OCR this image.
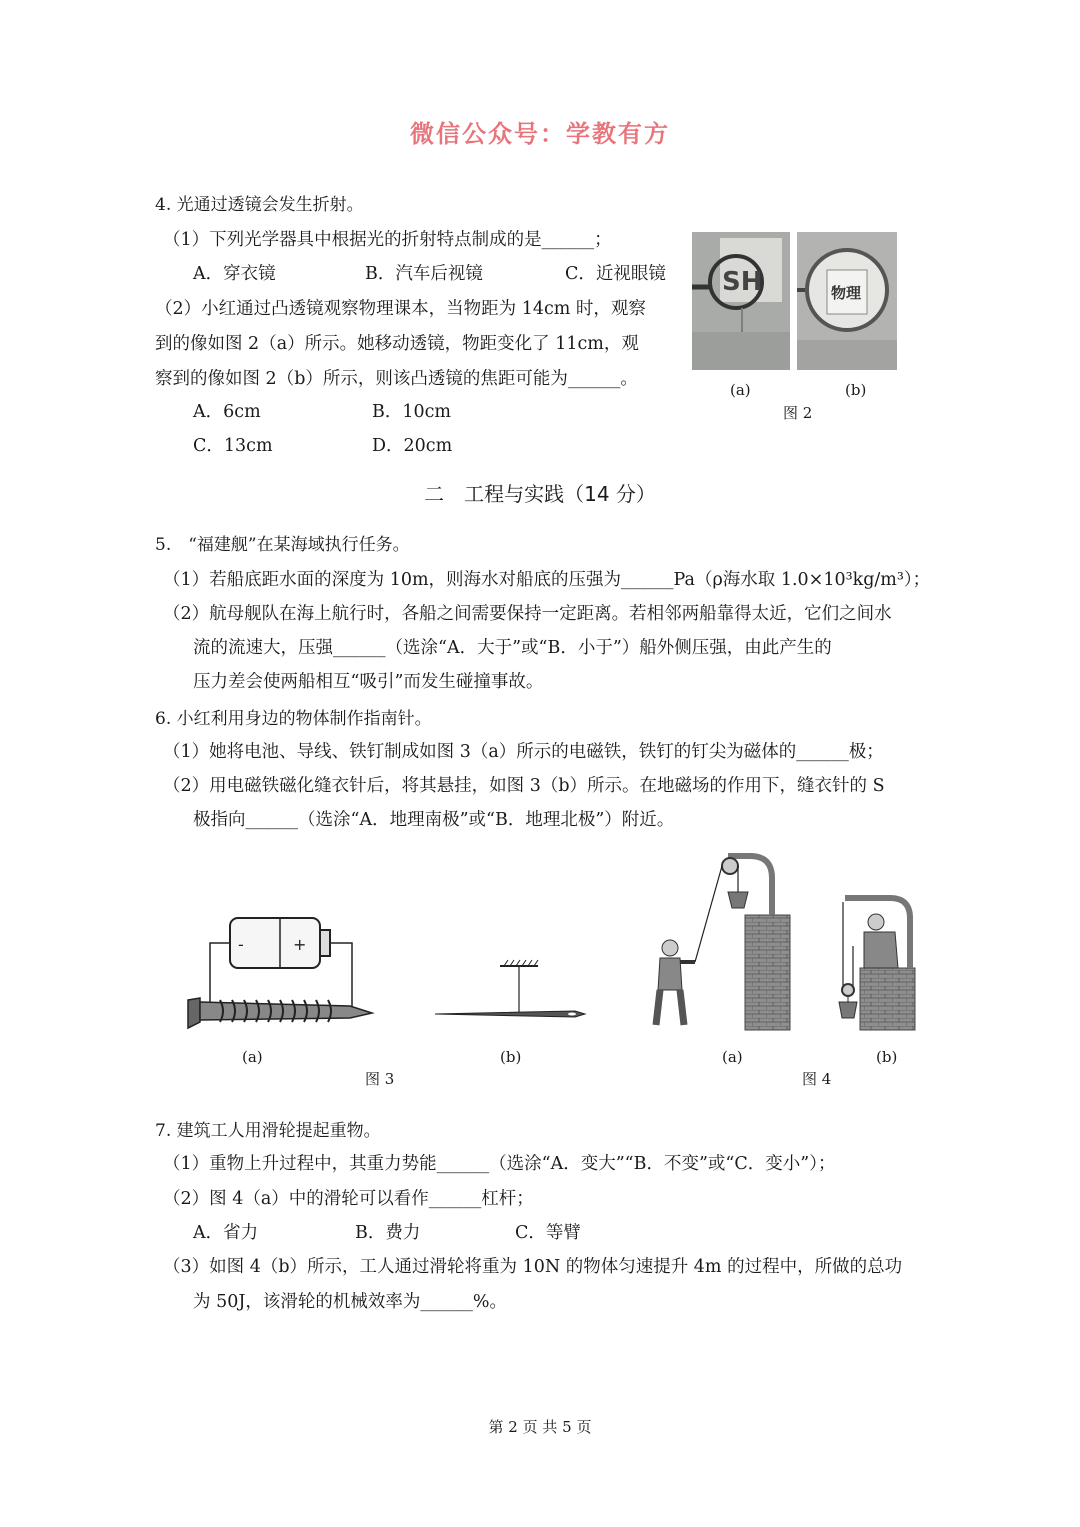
微信公众号：学教有方
4. 光通过透镜会发生折射。
（1）下列光学器具中根据光的折射特点制成的是______；
A．穿衣镜	B．汽车后视镜	C．近视眼镜
（2）小红通过凸透镜观察物理课本，当物距为 14cm 时，观察
到的像如图 2（a）所示。她移动透镜，物距变化了 11cm，观
察到的像如图 2（b）所示，则该凸透镜的焦距可能为______。
A．6cm	B．10cm
C．13cm	D．20cm
SH	物理
(a)	(b)
图 2
二　工程与实践（14 分）
5.　“福建舰”在某海域执行任务。
（1）若船底距水面的深度为 10m，则海水对船底的压强为______Pa（ρ海水取 1.0×10³kg/m³）；
（2）航母舰队在海上航行时，各船之间需要保持一定距离。若相邻两船靠得太近，它们之间水
流的流速大，压强______（选涂“A．大于”或“B．小于”）船外侧压强，由此产生的
压力差会使两船相互“吸引”而发生碰撞事故。
6. 小红利用身边的物体制作指南针。
（1）她将电池、导线、铁钉制成如图 3（a）所示的电磁铁，铁钉的钉尖为磁体的______极；
（2）用电磁铁磁化缝衣针后，将其悬挂，如图 3（b）所示。在地磁场的作用下，缝衣针的 S
极指向______（选涂“A．地理南极”或“B．地理北极”）附近。
-	+
(a)	(b)
图 3
(a)	(b)
图 4
7. 建筑工人用滑轮提起重物。
（1）重物上升过程中，其重力势能______（选涂“A．变大”“B．不变”或“C．变小”）；
（2）图 4（a）中的滑轮可以看作______杠杆；
A．省力	B．费力	C．等臂
（3）如图 4（b）所示，工人通过滑轮将重为 10N 的物体匀速提升 4m 的过程中，所做的总功
为 50J，该滑轮的机械效率为______%。
第 2 页 共 5 页
